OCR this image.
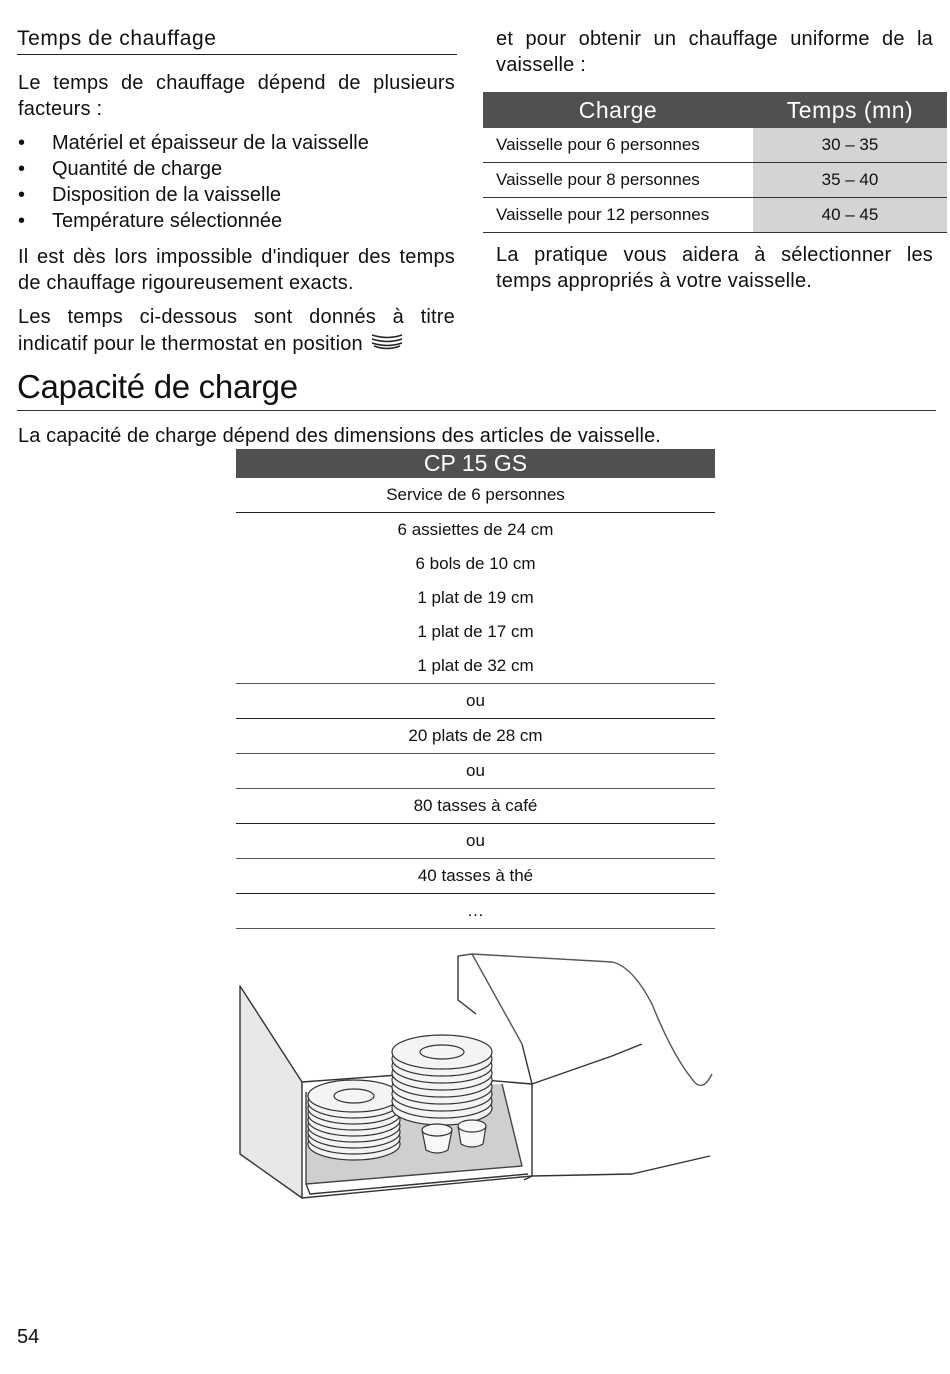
Temps de chauffage

Le temps de chauffage dépend de plusieurs facteurs :

• Matériel et épaisseur de la vaisselle
• Quantité de charge
• Disposition de la vaisselle
• Température sélectionnée

Il est dès lors impossible d'indiquer des temps de chauffage rigoureusement exacts.

Les temps ci-dessous sont donnés à titre indicatif pour le thermostat en position

et pour obtenir un chauffage uniforme de la vaisselle :

Charge	Temps (mn)
Vaisselle pour 6 personnes	30 – 35
Vaisselle pour 8 personnes	35 – 40
Vaisselle pour 12 personnes	40 – 45

La pratique vous aidera à sélectionner les temps appropriés à votre vaisselle.

Capacité de charge

La capacité de charge dépend des dimensions des articles de vaisselle.

CP 15 GS
Service de 6 personnes
6 assiettes de 24 cm
6 bols de 10 cm
1 plat de 19 cm
1 plat de 17 cm
1 plat de 32 cm
ou
20 plats de 28 cm
ou
80 tasses à café
ou
40 tasses à thé
…
54
